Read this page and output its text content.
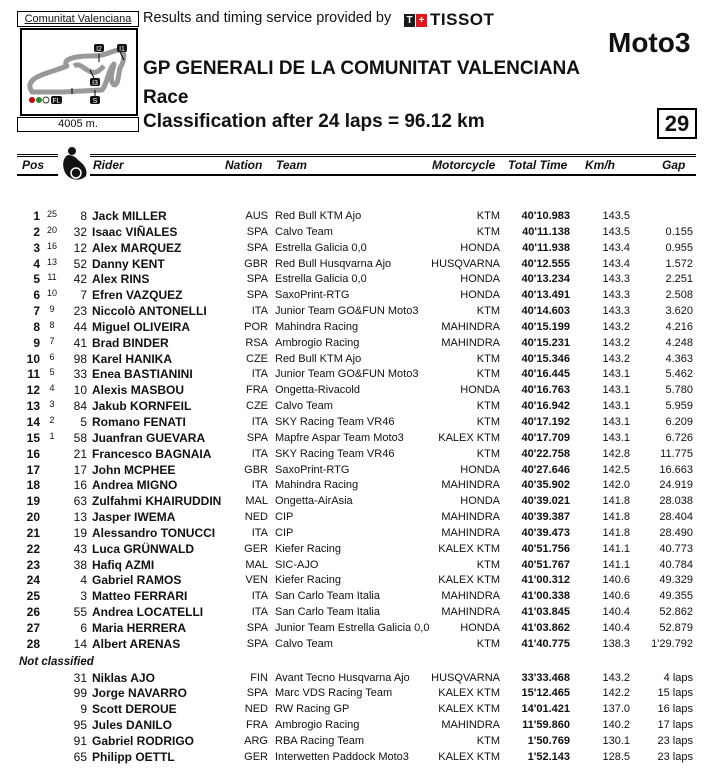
Comunitat Valenciana Results and timing service provided by T + TISSOT
I2 I1
I3
FL	S
4005 m.
Moto3
GP GENERALI DE LA COMUNITAT VALENCIANA
Race
Classification after 24 laps = 96.12 km	29
Pos	Rider	Nation Team	Motorcycle Total Time Km/h	Gap
1 25	8 Jack MILLER	AUS Red Bull KTM Ajo	KTM	40'10.983	143.5
2 20	32 Isaac VIÑALES	SPA Calvo Team	KTM	40'11.138	143.5	0.155
3 16	12 Alex MARQUEZ	SPA Estrella Galicia 0,0	HONDA	40'11.938	143.4	0.955
4 13	52 Danny KENT	GBR Red Bull Husqvarna Ajo	HUSQVARNA	40'12.555	143.4	1.572
5 11	42 Alex RINS	SPA Estrella Galicia 0,0	HONDA	40'13.234	143.3	2.251
6 10	7 Efren VAZQUEZ	SPA SaxoPrint-RTG	HONDA	40'13.491	143.3	2.508
7	9	23 Niccolò ANTONELLI	ITA Junior Team GO&FUN Moto3	KTM	40'14.603	143.3	3.620
8	8	44 Miguel OLIVEIRA	POR Mahindra Racing	MAHINDRA	40'15.199	143.2	4.216
9	7	41 Brad BINDER	RSA Ambrogio Racing	MAHINDRA	40'15.231	143.2	4.248
10	6	98 Karel HANIKA	CZE Red Bull KTM Ajo	KTM	40'15.346	143.2	4.363
11	5	33 Enea BASTIANINI	ITA Junior Team GO&FUN Moto3	KTM	40'16.445	143.1	5.462
12	4	10 Alexis MASBOU	FRA Ongetta-Rivacold	HONDA	40'16.763	143.1	5.780
13	3	84 Jakub KORNFEIL	CZE Calvo Team	KTM	40'16.942	143.1	5.959
14	2	5 Romano FENATI	ITA SKY Racing Team VR46	KTM	40'17.192	143.1	6.209
15	1	58 Juanfran GUEVARA	SPA Mapfre Aspar Team Moto3	KALEX KTM	40'17.709	143.1	6.726
16	21 Francesco BAGNAIA	ITA SKY Racing Team VR46	KTM	40'22.758	142.8	11.775
17	17 John MCPHEE	GBR SaxoPrint-RTG	HONDA	40'27.646	142.5	16.663
18	16 Andrea MIGNO	ITA Mahindra Racing	MAHINDRA	40'35.902	142.0	24.919
19	63 Zulfahmi KHAIRUDDIN	MAL Ongetta-AirAsia	HONDA	40'39.021	141.8	28.038
20	13 Jasper IWEMA	NED CIP	MAHINDRA	40'39.387	141.8	28.404
21	19 Alessandro TONUCCI	ITA CIP	MAHINDRA	40'39.473	141.8	28.490
22	43 Luca GRÜNWALD	GER Kiefer Racing	KALEX KTM	40'51.756	141.1	40.773
23	38 Hafiq AZMI	MAL SIC-AJO	KTM	40'51.767	141.1	40.784
24	4 Gabriel RAMOS	VEN Kiefer Racing	KALEX KTM	41'00.312	140.6	49.329
25	3 Matteo FERRARI	ITA San Carlo Team Italia	MAHINDRA	41'00.338	140.6	49.355
26	55 Andrea LOCATELLI	ITA San Carlo Team Italia	MAHINDRA	41'03.845	140.4	52.862
27	6 Maria HERRERA	SPA Junior Team Estrella Galicia 0,0	HONDA	41'03.862	140.4	52.879
28	14 Albert ARENAS	SPA Calvo Team	KTM	41'40.775	138.3	1'29.792
Not classified
31 Niklas AJO	FIN Avant Tecno Husqvarna Ajo	HUSQVARNA	33'33.468	143.2	4 laps
99 Jorge NAVARRO	SPA Marc VDS Racing Team	KALEX KTM	15'12.465	142.2	15 laps
9 Scott DEROUE	NED RW Racing GP	KALEX KTM	14'01.421	137.0	16 laps
95 Jules DANILO	FRA Ambrogio Racing	MAHINDRA	11'59.860	140.2	17 laps
91 Gabriel RODRIGO	ARG RBA Racing Team	KTM	1'50.769	130.1	23 laps
65 Philipp OETTL	GER Interwetten Paddock Moto3	KALEX KTM	1'52.143	128.5	23 laps
